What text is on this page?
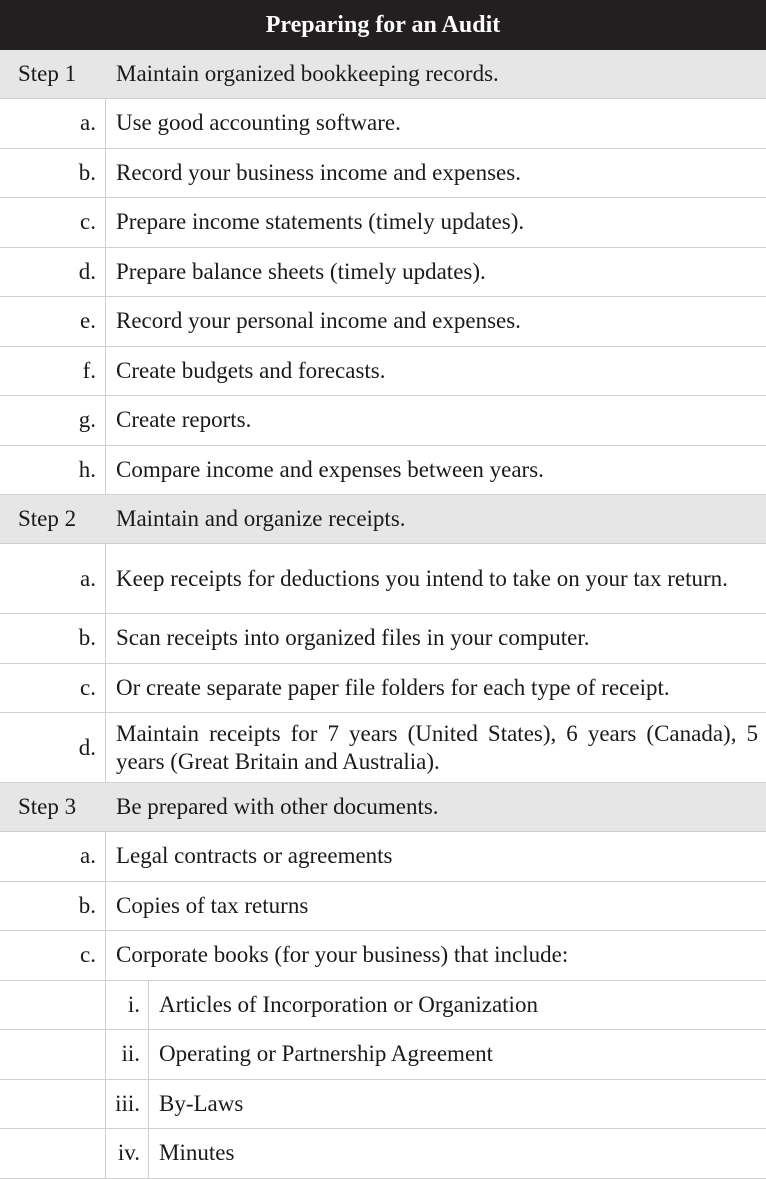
Preparing for an Audit
Step 1 Maintain organized bookkeeping records.
a. Use good accounting software.
b. Record your business income and expenses.
c. Prepare income statements (timely updates).
d. Prepare balance sheets (timely updates).
e. Record your personal income and expenses.
f. Create budgets and forecasts.
g. Create reports.
h. Compare income and expenses between years.
Step 2 Maintain and organize receipts.
a. Keep receipts for deductions you intend to take on your tax return.
b. Scan receipts into organized files in your computer.
c. Or create separate paper file folders for each type of receipt.
d.
Maintain receipts for 7 years (United States), 6 years (Canada), 5 years (Great Britain and Australia).
Step 3 Be prepared with other documents.
a. Legal contracts or agreements
b. Copies of tax returns
c. Corporate books (for your business) that include:
i. Articles of Incorporation or Organization
ii. Operating or Partnership Agreement
iii. By-Laws
iv. Minutes
